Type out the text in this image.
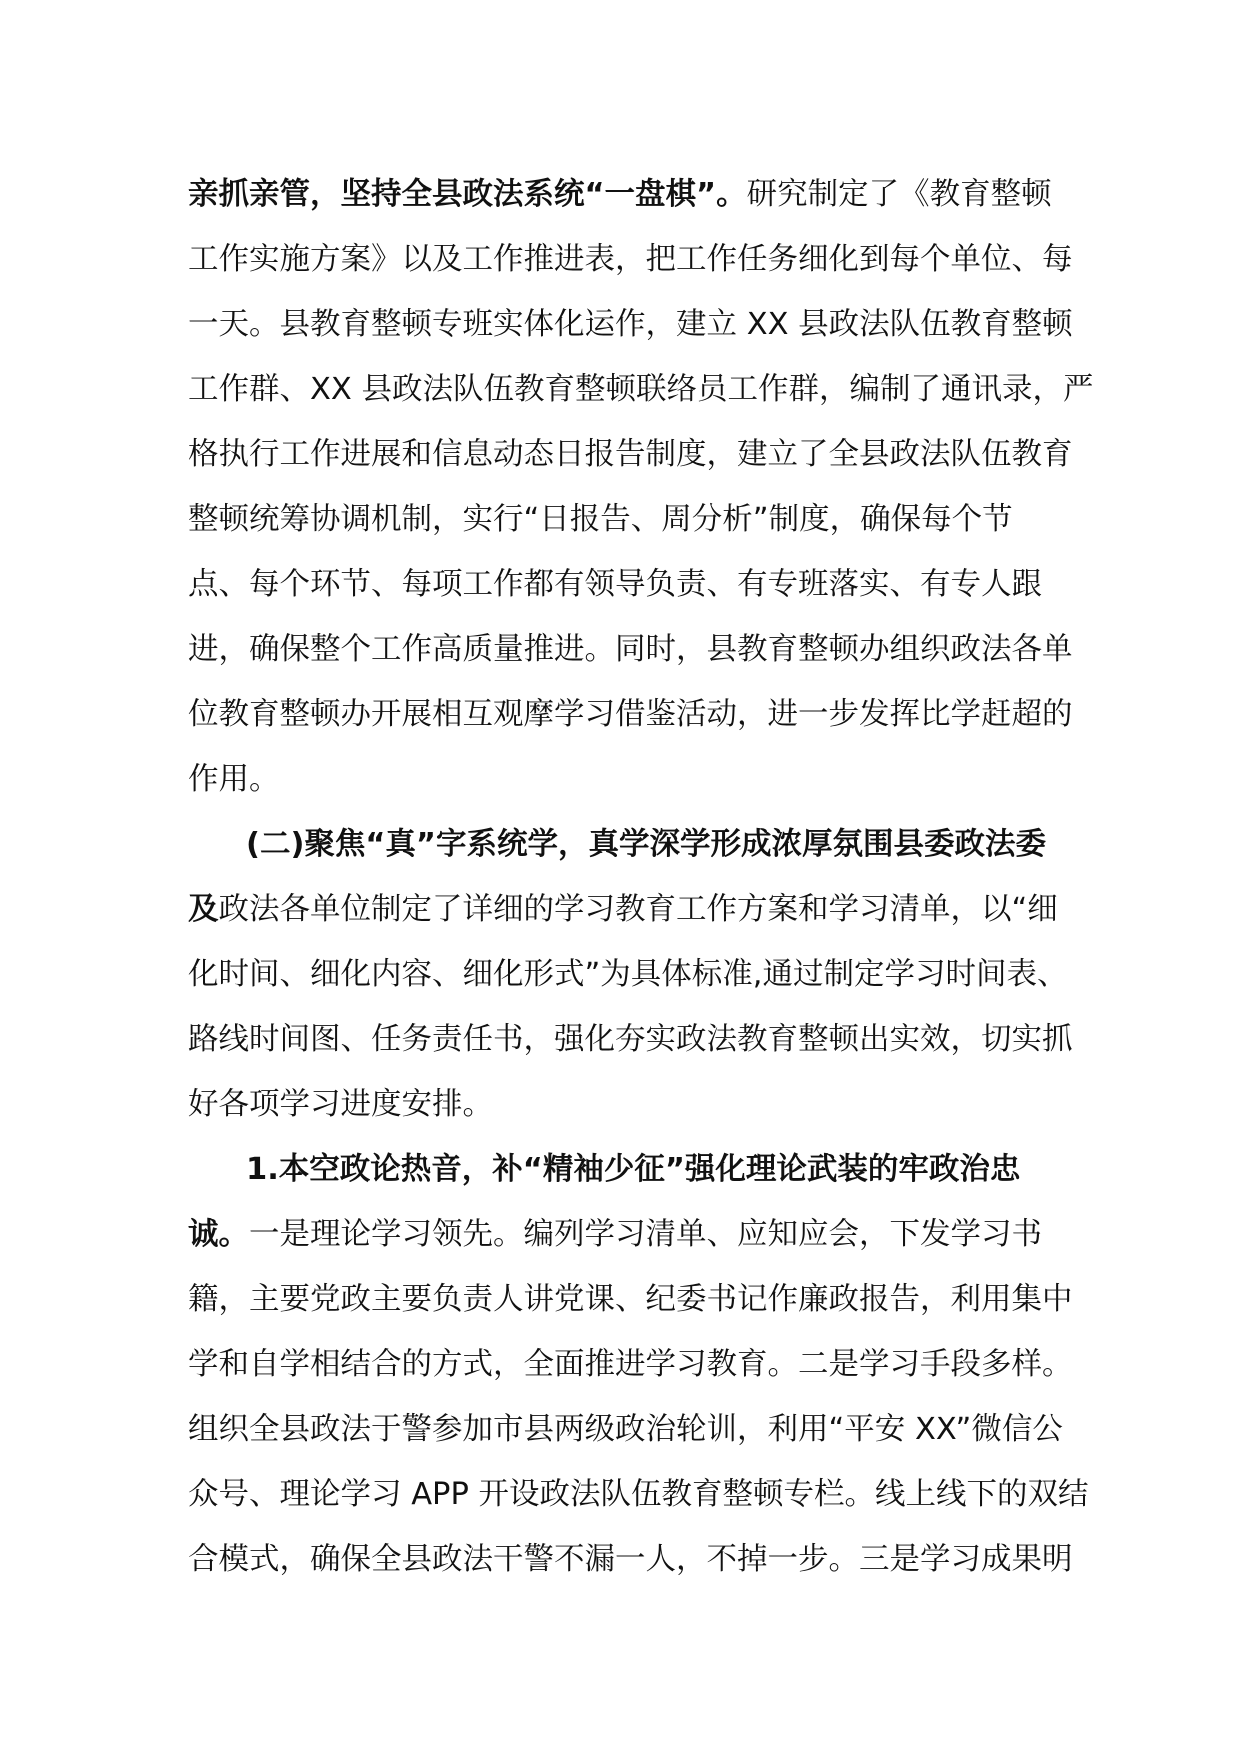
亲抓亲管，坚持全县政法系统“一盘棋”。研究制定了《教育整顿
工作实施方案》以及工作推进表，把工作任务细化到每个单位、每
一天。县教育整顿专班实体化运作，建立 XX 县政法队伍教育整顿
工作群、XX 县政法队伍教育整顿联络员工作群，编制了通讯录，严
格执行工作进展和信息动态日报告制度，建立了全县政法队伍教育
整顿统筹协调机制，实行“日报告、周分析”制度，确保每个节
点、每个环节、每项工作都有领导负责、有专班落实、有专人跟
进，确保整个工作高质量推进。同时，县教育整顿办组织政法各单
位教育整顿办开展相互观摩学习借鉴活动，进一步发挥比学赶超的
作用。
(二)聚焦“真”字系统学，真学深学形成浓厚氛围县委政法委
及政法各单位制定了详细的学习教育工作方案和学习清单，以“细
化时间、细化内容、细化形式”为具体标准,通过制定学习时间表、
路线时间图、任务责任书，强化夯实政法教育整顿出实效，切实抓
好各项学习进度安排。
1.本空政论热音，补“精袖少征”强化理论武装的牢政治忠
诚。一是理论学习领先。编列学习清单、应知应会，下发学习书
籍，主要党政主要负责人讲党课、纪委书记作廉政报告，利用集中
学和自学相结合的方式，全面推进学习教育。二是学习手段多样。
组织全县政法于警参加市县两级政治轮训，利用“平安 XX”微信公
众号、理论学习 APP 开设政法队伍教育整顿专栏。线上线下的双结
合模式，确保全县政法干警不漏一人，不掉一步。三是学习成果明
